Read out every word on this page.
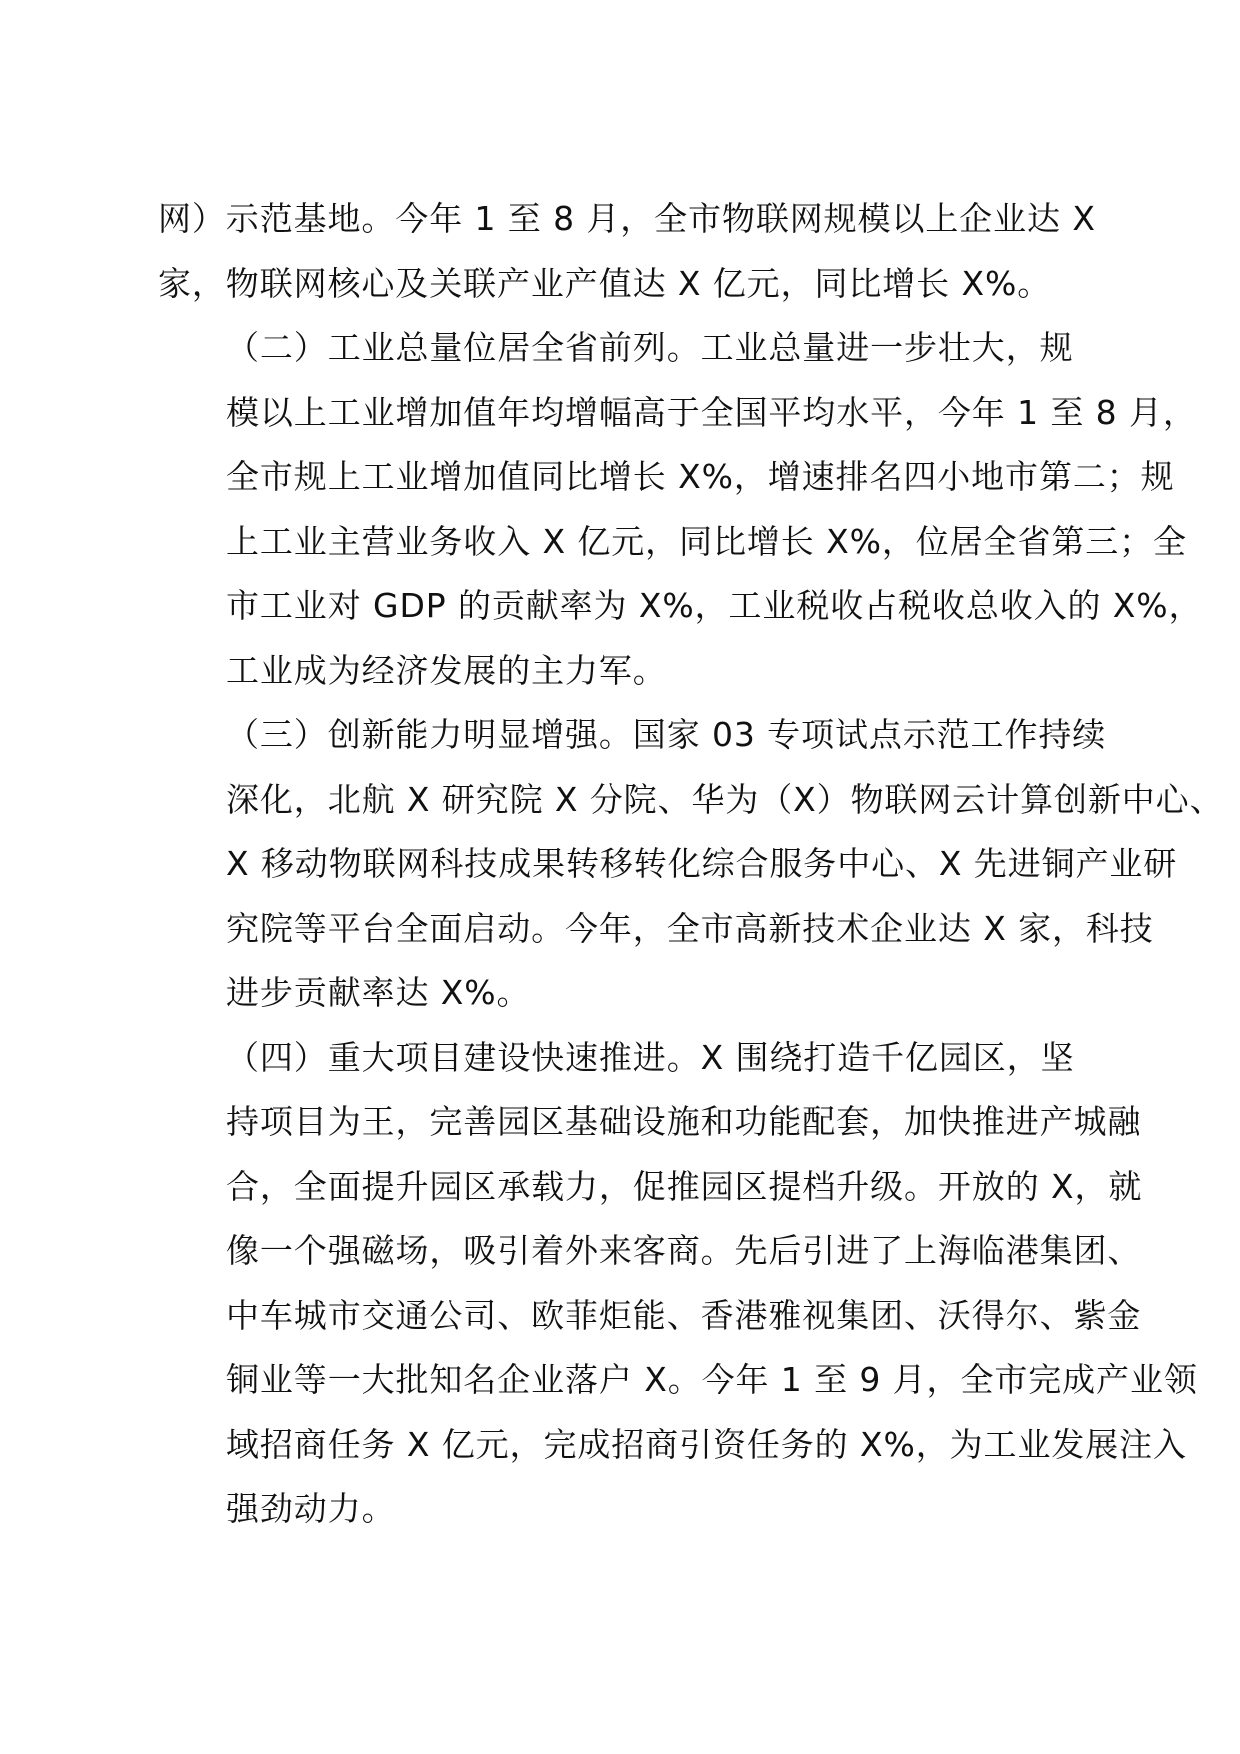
网）示范基地。今年 1 至 8 月，全市物联网规模以上企业达 X
家，物联网核心及关联产业产值达 X 亿元，同比增长 X%。

（二）工业总量位居全省前列。工业总量进一步壮大，规
模以上工业增加值年均增幅高于全国平均水平，今年 1 至 8 月，
全市规上工业增加值同比增长 X%，增速排名四小地市第二；规
上工业主营业务收入 X 亿元，同比增长 X%，位居全省第三；全
市工业对 GDP 的贡献率为 X%，工业税收占税收总收入的 X%，
工业成为经济发展的主力军。

（三）创新能力明显增强。国家 03 专项试点示范工作持续
深化，北航 X 研究院 X 分院、华为（X）物联网云计算创新中心、
X 移动物联网科技成果转移转化综合服务中心、X 先进铜产业研
究院等平台全面启动。今年，全市高新技术企业达 X 家，科技
进步贡献率达 X%。

（四）重大项目建设快速推进。X 围绕打造千亿园区，坚
持项目为王，完善园区基础设施和功能配套，加快推进产城融
合，全面提升园区承载力，促推园区提档升级。开放的 X，就
像一个强磁场，吸引着外来客商。先后引进了上海临港集团、
中车城市交通公司、欧菲炬能、香港雅视集团、沃得尔、紫金
铜业等一大批知名企业落户 X。今年 1 至 9 月，全市完成产业领
域招商任务 X 亿元，完成招商引资任务的 X%，为工业发展注入
强劲动力。
